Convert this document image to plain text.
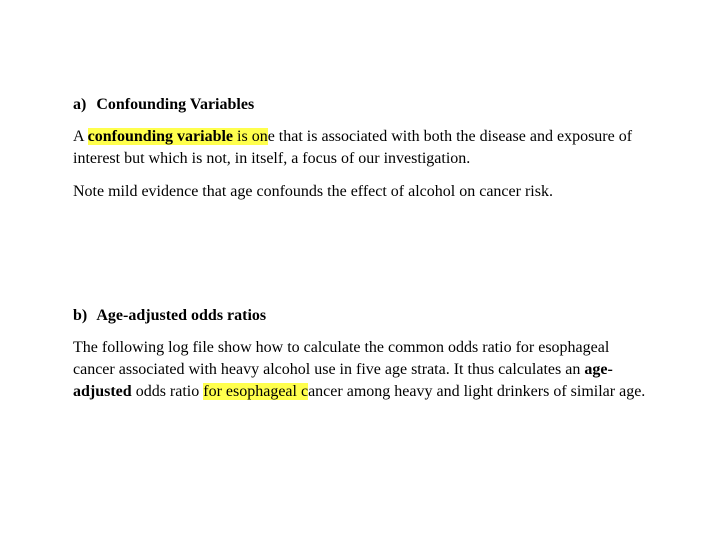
a) Confounding Variables
A confounding variable is one that is associated with both the disease and exposure of interest but which is not, in itself, a focus of our investigation.
Note mild evidence that age confounds the effect of alcohol on cancer risk.
b) Age-adjusted odds ratios
The following log file show how to calculate the common odds ratio for esophageal cancer associated with heavy alcohol use in five age strata. It thus calculates an age-adjusted odds ratio for esophageal cancer among heavy and light drinkers of similar age.
